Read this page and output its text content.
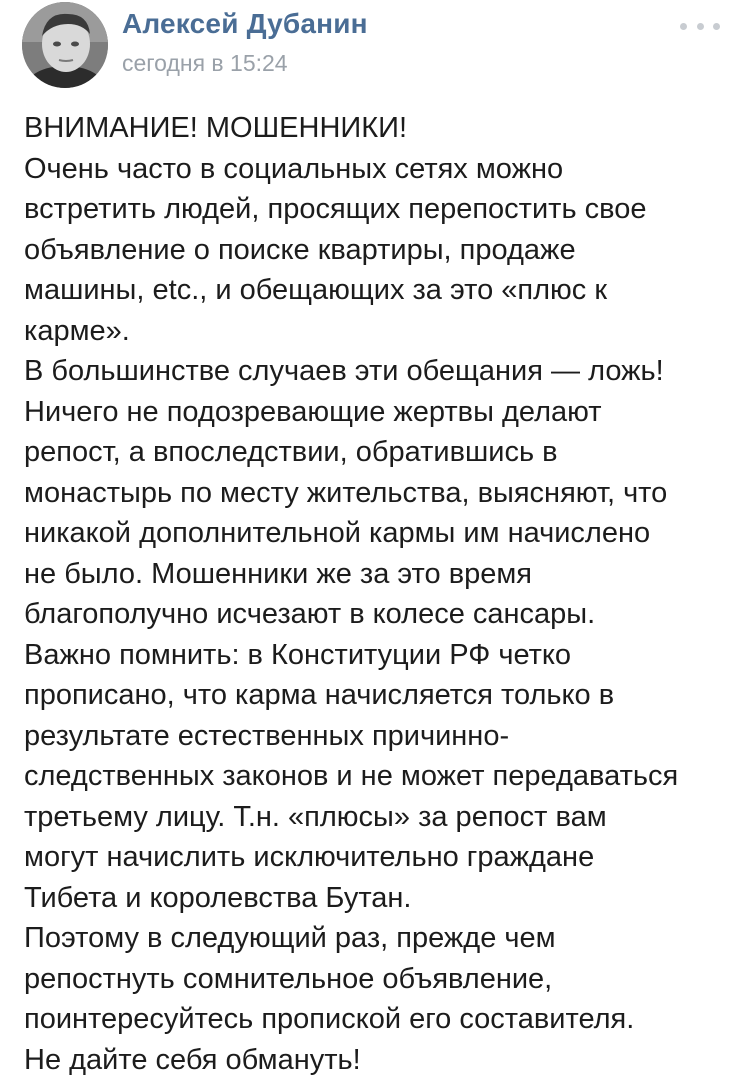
Алексей Дубанин
сегодня в 15:24
ВНИМАНИЕ! МОШЕННИКИ!
Очень часто в социальных сетях можно
встретить людей, просящих перепостить свое
объявление о поиске квартиры, продаже
машины, etc., и обещающих за это «плюс к
карме».
В большинстве случаев эти обещания — ложь!
Ничего не подозревающие жертвы делают
репост, а впоследствии, обратившись в
монастырь по месту жительства, выясняют, что
никакой дополнительной кармы им начислено
не было. Мошенники же за это время
благополучно исчезают в колесе сансары.
Важно помнить: в Конституции РФ четко
прописано, что карма начисляется только в
результате естественных причинно-
следственных законов и не может передаваться
третьему лицу. Т.н. «плюсы» за репост вам
могут начислить исключительно граждане
Тибета и королевства Бутан.
Поэтому в следующий раз, прежде чем
репостнуть сомнительное объявление,
поинтересуйтесь пропиской его составителя.
Не дайте себя обмануть!
